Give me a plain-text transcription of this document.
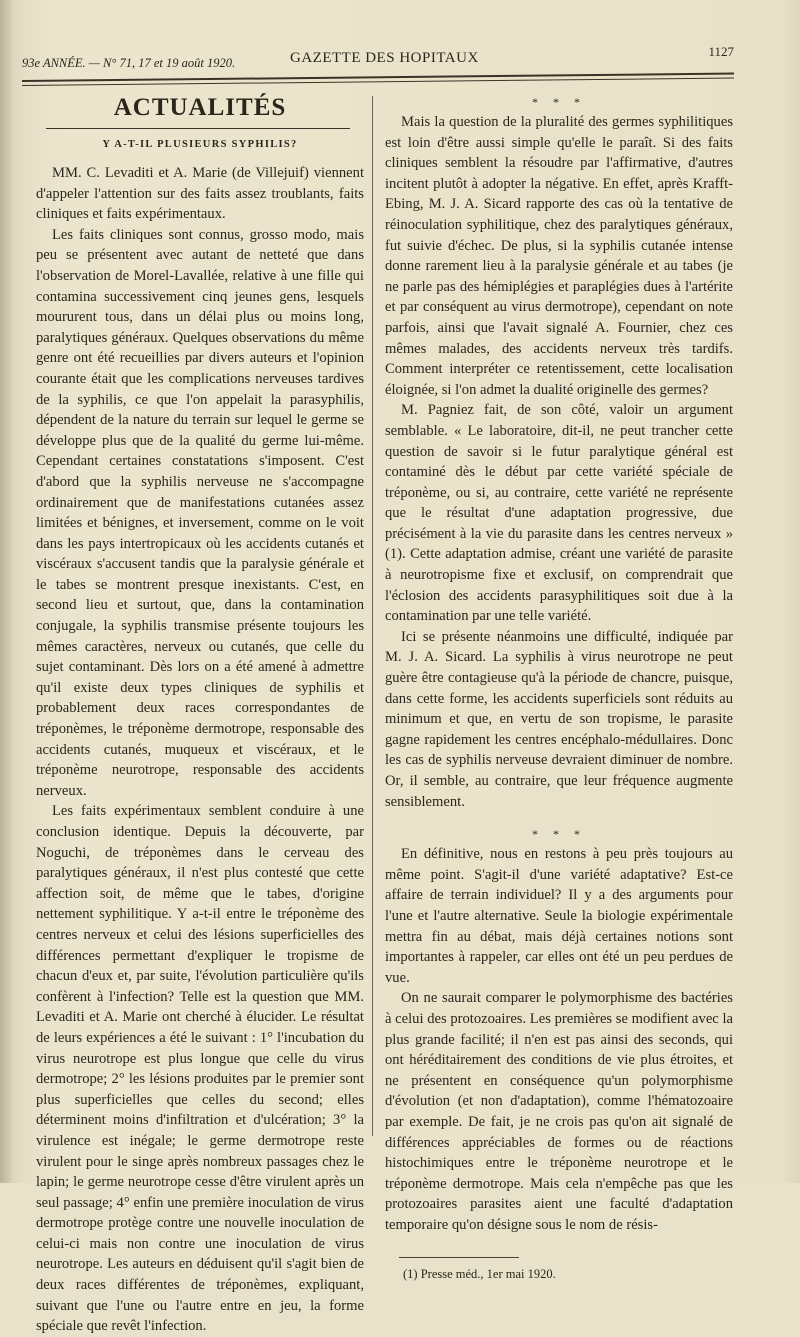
93e ANNÉE. — N° 71, 17 et 19 août 1920.	GAZETTE DES HOPITAUX	1127
ACTUALITÉS
Y A-T-IL PLUSIEURS SYPHILIS?

MM. C. Levaditi et A. Marie (de Villejuif) viennent d'appeler l'attention sur des faits assez troublants, faits cliniques et faits expérimentaux.

Les faits cliniques sont connus, grosso modo, mais peu se présentent avec autant de netteté que dans l'observation de Morel-Lavallée, relative à une fille qui contamina successivement cinq jeunes gens, lesquels moururent tous, dans un délai plus ou moins long, paralytiques généraux. Quelques observations du même genre ont été recueillies par divers auteurs et l'opinion courante était que les complications nerveuses tardives de la syphilis, ce que l'on appelait la parasyphilis, dépendent de la nature du terrain sur lequel le germe se développe plus que de la qualité du germe lui-même. Cependant certaines constatations s'imposent. C'est d'abord que la syphilis nerveuse ne s'accompagne ordinairement que de manifestations cutanées assez limitées et bénignes, et inversement, comme on le voit dans les pays intertropicaux où les accidents cutanés et viscéraux s'accusent tandis que la paralysie générale et le tabes se montrent presque inexistants. C'est, en second lieu et surtout, que, dans la contamination conjugale, la syphilis transmise présente toujours les mêmes caractères, nerveux ou cutanés, que celle du sujet contaminant. Dès lors on a été amené à admettre qu'il existe deux types cliniques de syphilis et probablement deux races correspondantes de tréponèmes, le tréponème dermotrope, responsable des accidents cutanés, muqueux et viscéraux, et le tréponème neurotrope, responsable des accidents nerveux.

Les faits expérimentaux semblent conduire à une conclusion identique. Depuis la découverte, par Noguchi, de tréponèmes dans le cerveau des paralytiques généraux, il n'est plus contesté que cette affection soit, de même que le tabes, d'origine nettement syphilitique. Y a-t-il entre le tréponème des centres nerveux et celui des lésions superficielles des différences permettant d'expliquer le tropisme de chacun d'eux et, par suite, l'évolution particulière qu'ils confèrent à l'infection? Telle est la question que MM. Levaditi et A. Marie ont cherché à élucider. Le résultat de leurs expériences a été le suivant : 1° l'incubation du virus neurotrope est plus longue que celle du virus dermotrope; 2° les lésions produites par le premier sont plus superficielles que celles du second; elles déterminent moins d'infiltration et d'ulcération; 3° la virulence est inégale; le germe dermotrope reste virulent pour le singe après nombreux passages chez le lapin; le germe neurotrope cesse d'être virulent après un seul passage; 4° enfin une première inoculation de virus dermotrope protège contre une nouvelle inoculation de celui-ci mais non contre une inoculation de virus neurotrope. Les auteurs en déduisent qu'il s'agit bien de deux races différentes de tréponèmes, expliquant, suivant que l'une ou l'autre entre en jeu, la forme spéciale que revêt l'infection.

* * *

Mais la question de la pluralité des germes syphilitiques est loin d'être aussi simple qu'elle le paraît. Si des faits cliniques semblent la résoudre par l'affirmative, d'autres incitent plutôt à adopter la négative. En effet, après Krafft-Ebing, M. J. A. Sicard rapporte des cas où la tentative de réinoculation syphilitique, chez des paralytiques généraux, fut suivie d'échec. De plus, si la syphilis cutanée intense donne rarement lieu à la paralysie générale et au tabes (je ne parle pas des hémiplégies et paraplégies dues à l'artérite et par conséquent au virus dermotrope), cependant on note parfois, ainsi que l'avait signalé A. Fournier, chez ces mêmes malades, des accidents nerveux très tardifs. Comment interpréter ce retentissement, cette localisation éloignée, si l'on admet la dualité originelle des germes?

M. Pagniez fait, de son côté, valoir un argument semblable. « Le laboratoire, dit-il, ne peut trancher cette question de savoir si le futur paralytique général est contaminé dès le début par cette variété spéciale de tréponème, ou si, au contraire, cette variété ne représente que le résultat d'une adaptation progressive, due précisément à la vie du parasite dans les centres nerveux » (1). Cette adaptation admise, créant une variété de parasite à neurotropisme fixe et exclusif, on comprendrait que l'éclosion des accidents parasyphilitiques soit due à la contamination par une telle variété.

Ici se présente néanmoins une difficulté, indiquée par M. J. A. Sicard. La syphilis à virus neurotrope ne peut guère être contagieuse qu'à la période de chancre, puisque, dans cette forme, les accidents superficiels sont réduits au minimum et que, en vertu de son tropisme, le parasite gagne rapidement les centres encéphalo-médullaires. Donc les cas de syphilis nerveuse devraient diminuer de nombre. Or, il semble, au contraire, que leur fréquence augmente sensiblement.

* * *

En définitive, nous en restons à peu près toujours au même point. S'agit-il d'une variété adaptative? Est-ce affaire de terrain individuel? Il y a des arguments pour l'une et l'autre alternative. Seule la biologie expérimentale mettra fin au débat, mais déjà certaines notions sont importantes à rappeler, car elles ont été un peu perdues de vue.

On ne saurait comparer le polymorphisme des bactéries à celui des protozoaires. Les premières se modifient avec la plus grande facilité; il n'en est pas ainsi des seconds, qui ont héréditairement des conditions de vie plus étroites, et ne présentent en conséquence qu'un polymorphisme d'évolution (et non d'adaptation), comme l'hématozoaire par exemple. De fait, je ne crois pas qu'on ait signalé de différences appréciables de formes ou de réactions histochimiques entre le tréponème neurotrope et le tréponème dermotrope. Mais cela n'empêche pas que les protozoaires parasites aient une faculté d'adaptation temporaire qu'on désigne sous le nom de résis-

(1) Presse méd., 1er mai 1920.
